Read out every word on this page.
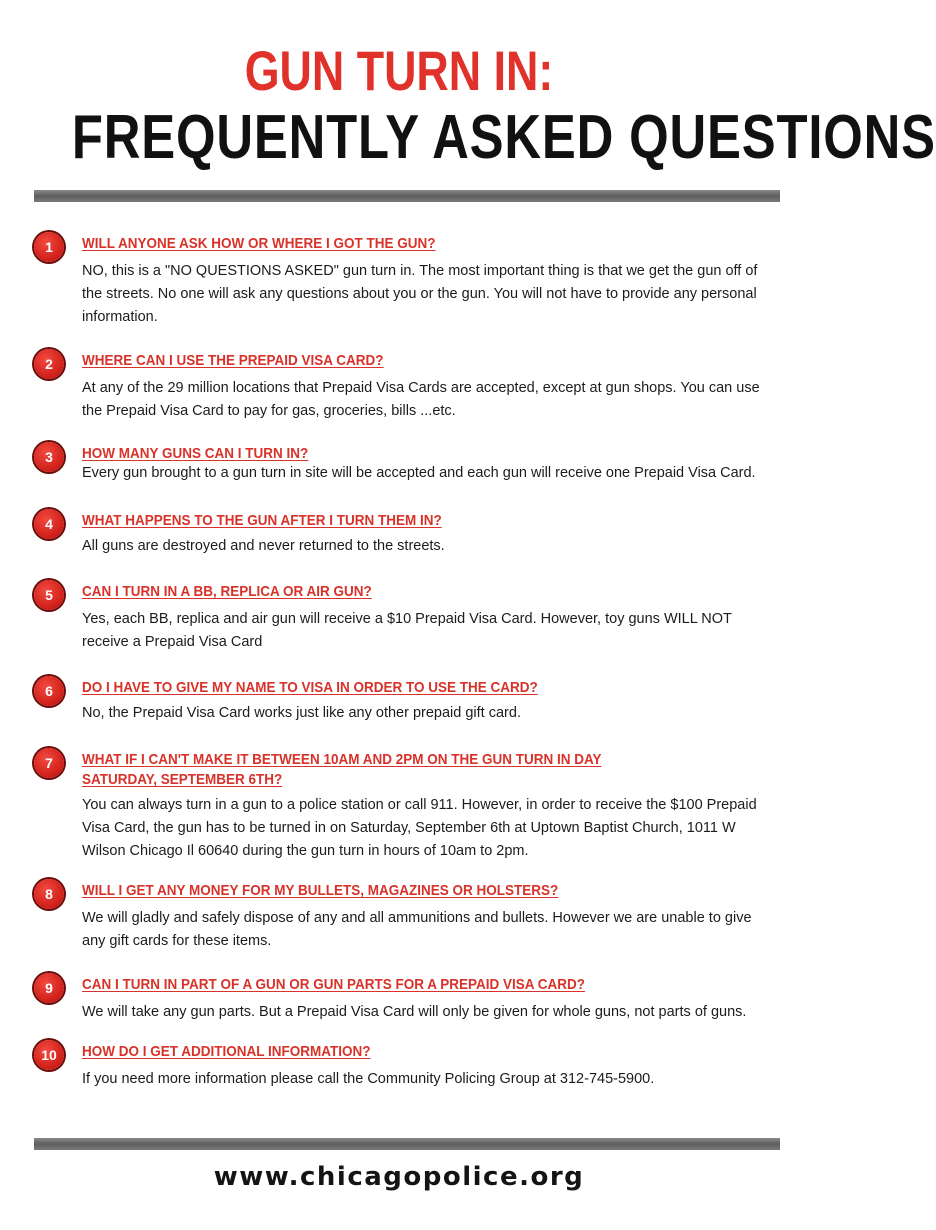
GUN TURN IN:
FREQUENTLY ASKED QUESTIONS
1	WILL ANYONE ASK HOW OR WHERE I GOT THE GUN?

NO, this is a "NO QUESTIONS ASKED" gun turn in. The most important thing is that we get the gun off of the streets. No one will ask any questions about you or the gun. You will not have to provide any personal information.

2	WHERE CAN I USE THE PREPAID VISA CARD?

At any of the 29 million locations that Prepaid Visa Cards are accepted, except at gun shops. You can use the Prepaid Visa Card to pay for gas, groceries, bills ...etc.

3	HOW MANY GUNS CAN I TURN IN?

Every gun brought to a gun turn in site will be accepted and each gun will receive one Prepaid Visa Card.

4	WHAT HAPPENS TO THE GUN AFTER I TURN THEM IN?

All guns are destroyed and never returned to the streets.

5	CAN I TURN IN A BB, REPLICA OR AIR GUN?

Yes, each BB, replica and air gun will receive a $10 Prepaid Visa Card. However, toy guns WILL NOT receive a Prepaid Visa Card

6	DO I HAVE TO GIVE MY NAME TO VISA IN ORDER TO USE THE CARD?

No, the Prepaid Visa Card works just like any other prepaid gift card.

7	WHAT IF I CAN'T MAKE IT BETWEEN 10AM AND 2PM ON THE GUN TURN IN DAY SATURDAY, SEPTEMBER 6TH?

You can always turn in a gun to a police station or call 911. However, in order to receive the $100 Prepaid Visa Card, the gun has to be turned in on Saturday, September 6th at Uptown Baptist Church, 1011 W Wilson Chicago Il 60640 during the gun turn in hours of 10am to 2pm.

8	WILL I GET ANY MONEY FOR MY BULLETS, MAGAZINES OR HOLSTERS?

We will gladly and safely dispose of any and all ammunitions and bullets. However we are unable to give any gift cards for these items.

9	CAN I TURN IN PART OF A GUN OR GUN PARTS FOR A PREPAID VISA CARD?

We will take any gun parts. But a Prepaid Visa Card will only be given for whole guns, not parts of guns.

10	HOW DO I GET ADDITIONAL INFORMATION?

If you need more information please call the Community Policing Group at 312-745-5900.

www.chicagopolice.org
